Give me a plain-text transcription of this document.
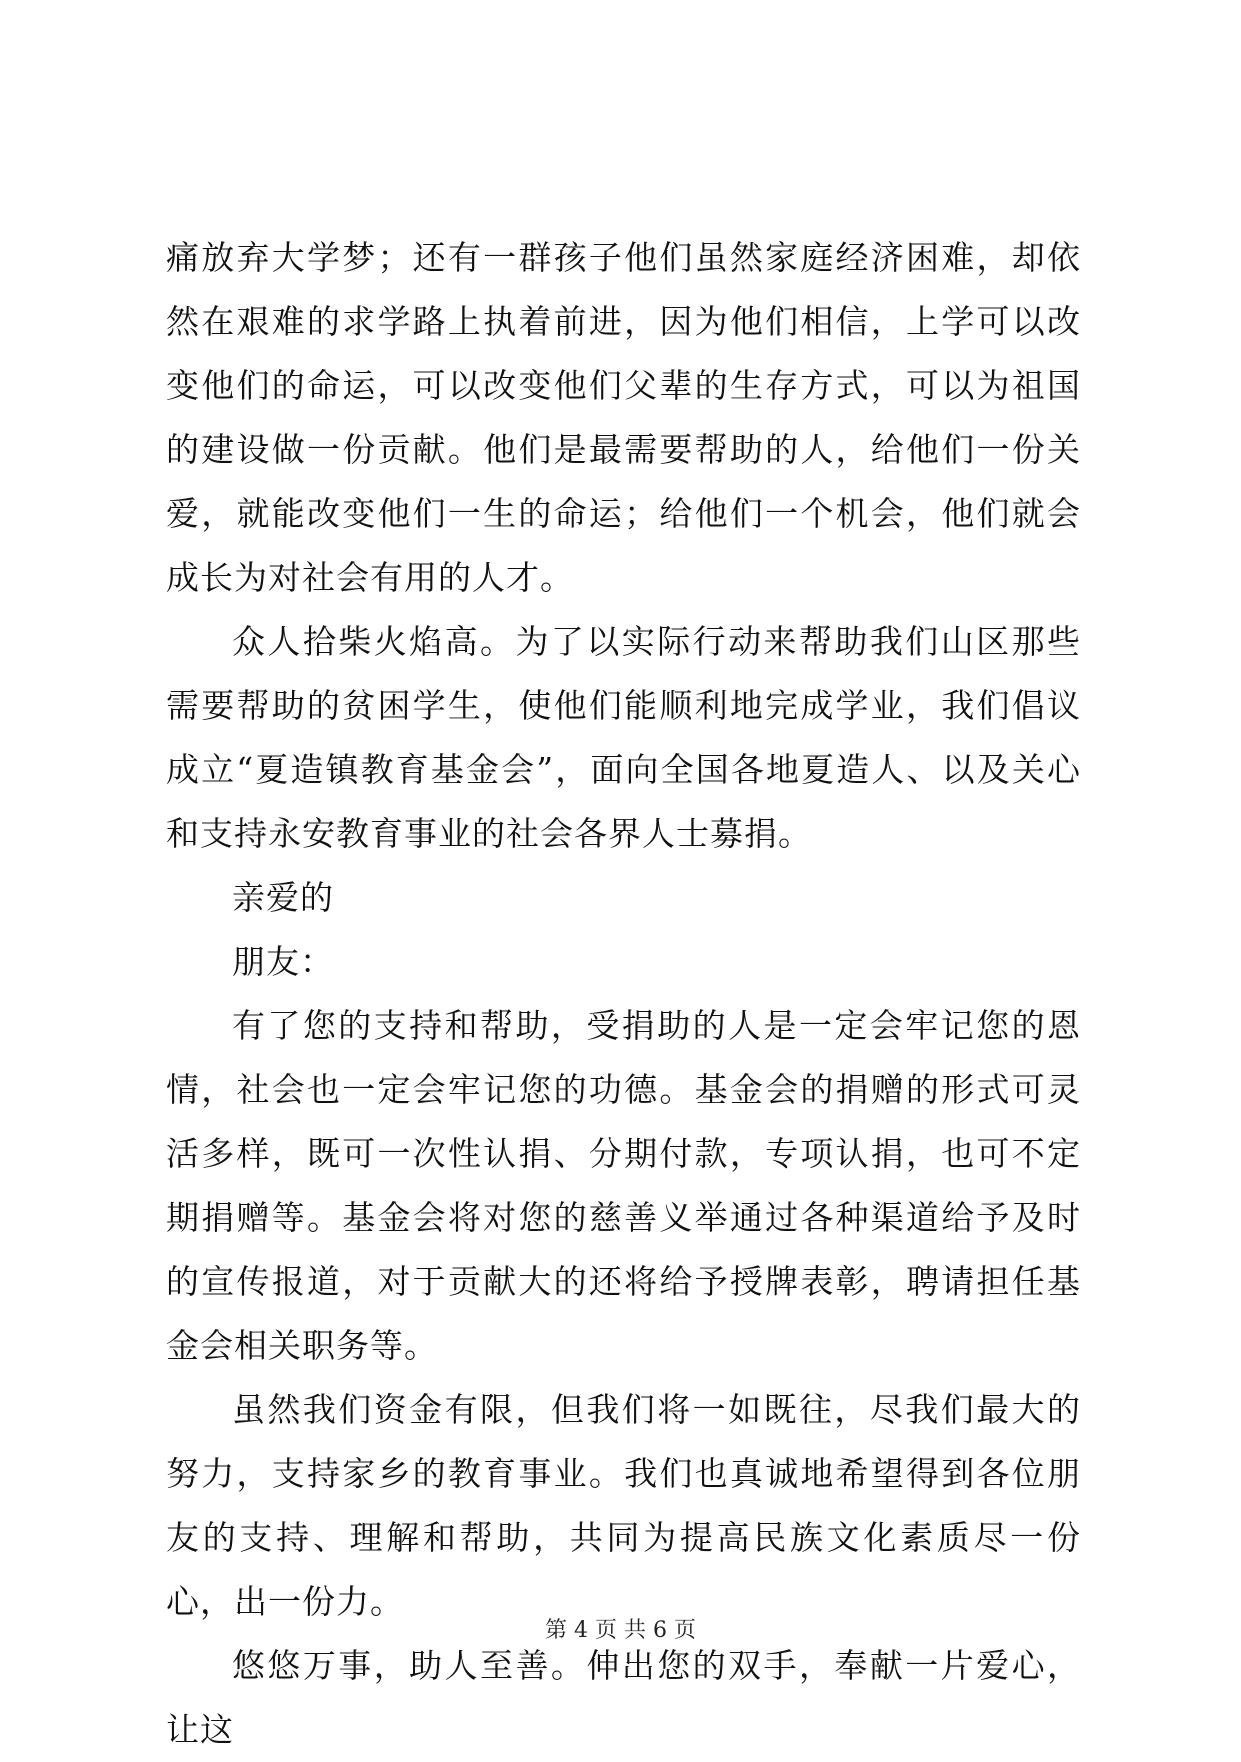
痛放弃大学梦；还有一群孩子他们虽然家庭经济困难，却依然在艰难的求学路上执着前进，因为他们相信，上学可以改变他们的命运，可以改变他们父辈的生存方式，可以为祖国的建设做一份贡献。他们是最需要帮助的人，给他们一份关爱，就能改变他们一生的命运；给他们一个机会，他们就会成长为对社会有用的人才。

众人拾柴火焰高。为了以实际行动来帮助我们山区那些需要帮助的贫困学生，使他们能顺利地完成学业，我们倡议成立“夏造镇教育基金会”，面向全国各地夏造人、以及关心和支持永安教育事业的社会各界人士募捐。

亲爱的

朋友：

有了您的支持和帮助，受捐助的人是一定会牢记您的恩情，社会也一定会牢记您的功德。基金会的捐赠的形式可灵活多样，既可一次性认捐、分期付款，专项认捐，也可不定期捐赠等。基金会将对您的慈善义举通过各种渠道给予及时的宣传报道，对于贡献大的还将给予授牌表彰，聘请担任基金会相关职务等。

虽然我们资金有限，但我们将一如既往，尽我们最大的努力，支持家乡的教育事业。我们也真诚地希望得到各位朋友的支持、理解和帮助，共同为提高民族文化素质尽一份心，出一份力。

悠悠万事，助人至善。伸出您的双手，奉献一片爱心，让这

第 4 页 共 6 页
